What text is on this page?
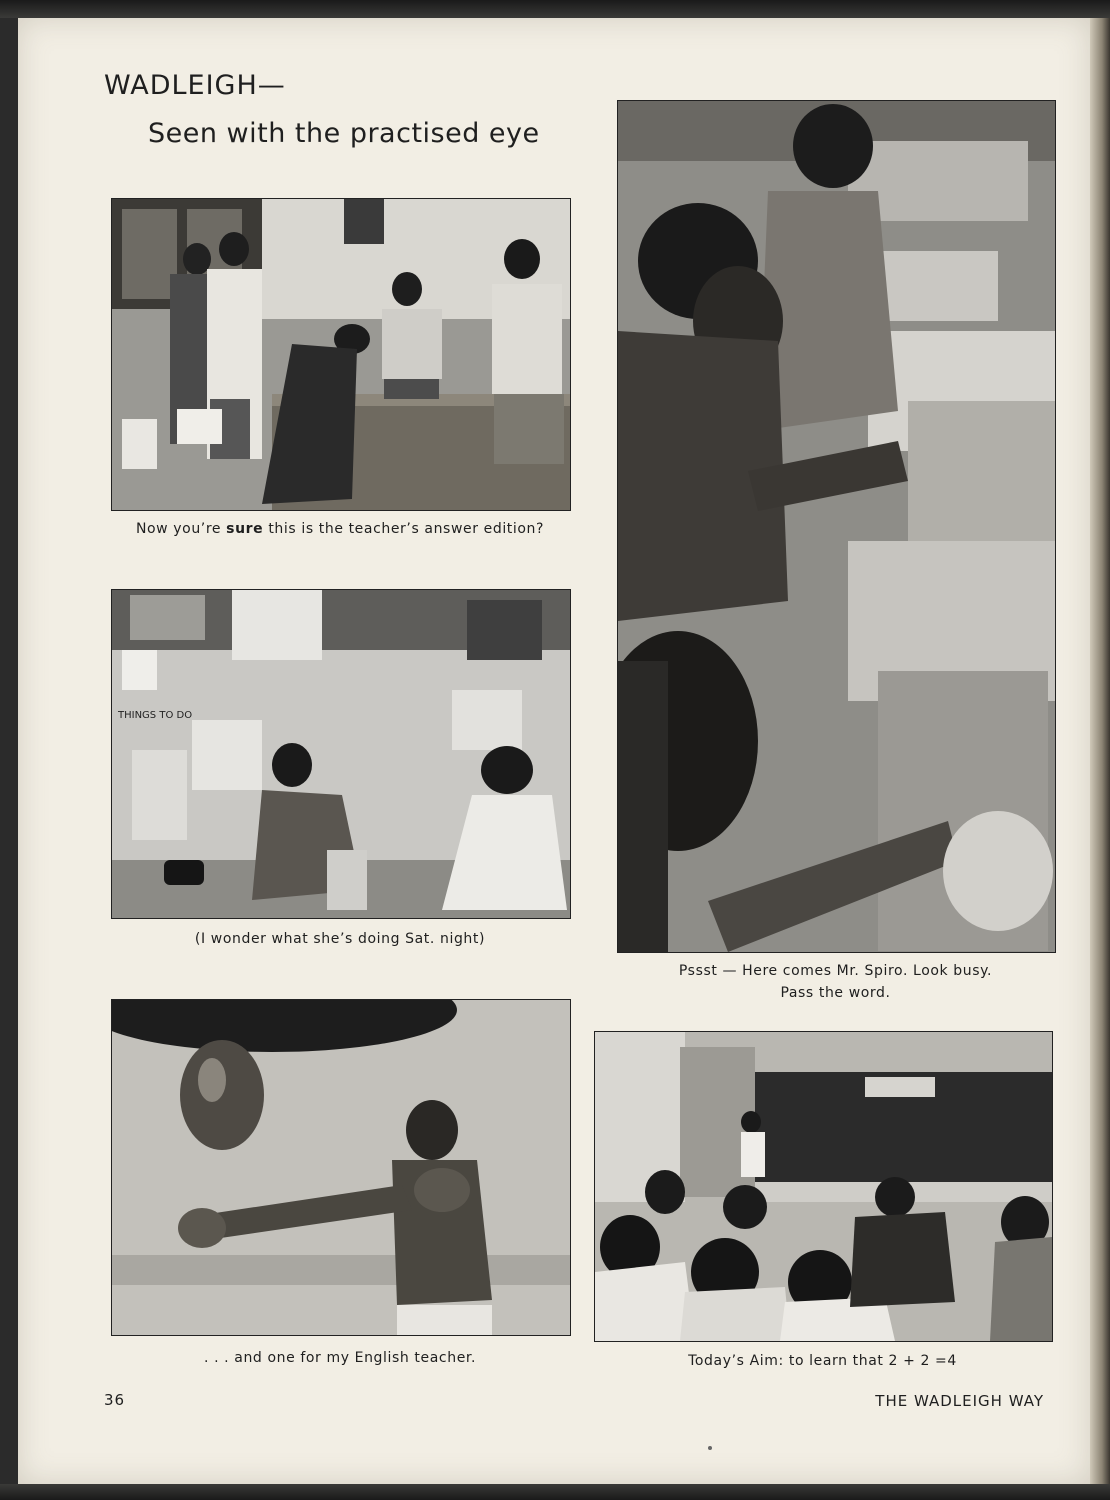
WADLEIGH—
Seen with the practised eye
Now you’re sure this is the teacher’s answer edition?
THINGS TO DO
(I wonder what she’s doing Sat. night)
. . . and one for my English teacher.
Pssst — Here comes Mr. Spiro. Look busy.
Pass the word.
Today’s Aim: to learn that 2 + 2 =4
36	THE WADLEIGH WAY
